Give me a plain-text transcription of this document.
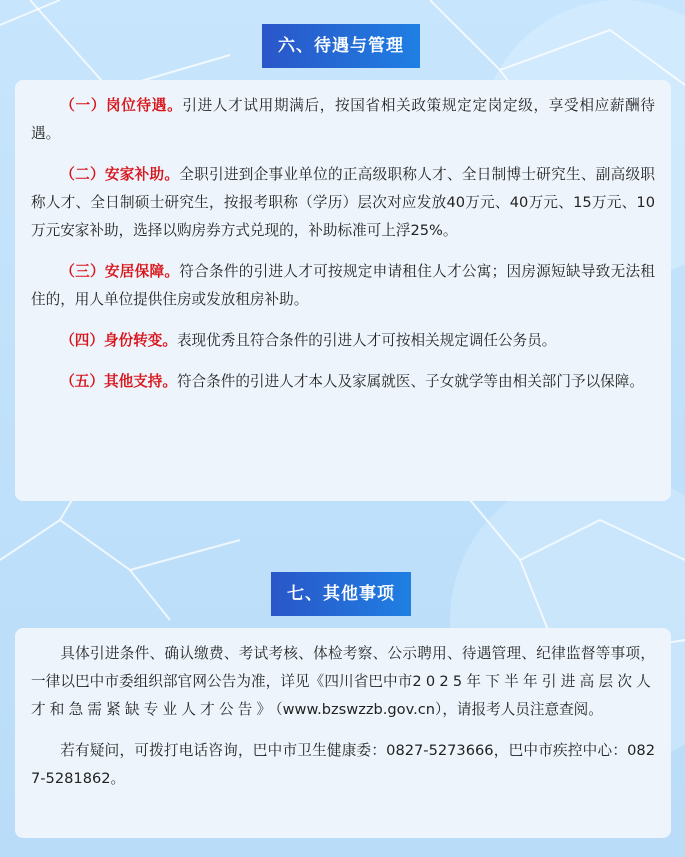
六、待遇与管理

（一）岗位待遇。引进人才试用期满后，按国省相关政策规定定岗定级，享受相应薪酬待遇。

（二）安家补助。全职引进到企事业单位的正高级职称人才、全日制博士研究生、副高级职称人才、全日制硕士研究生，按报考职称（学历）层次对应发放40万元、40万元、15万元、10万元安家补助，选择以购房券方式兑现的，补助标准可上浮25%。

（三）安居保障。符合条件的引进人才可按规定申请租住人才公寓；因房源短缺导致无法租住的，用人单位提供住房或发放租房补助。

（四）身份转变。表现优秀且符合条件的引进人才可按相关规定调任公务员。

（五）其他支持。符合条件的引进人才本人及家属就医、子女就学等由相关部门予以保障。

七、其他事项

具体引进条件、确认缴费、考试考核、体检考察、公示聘用、待遇管理、纪律监督等事项，一律以巴中市委组织部官网公告为准，详见《四川省巴中市2025年下半年引进高层次人才和急需紧缺专业人才公告》（www.bzswzzb.gov.cn），请报考人员注意查阅。

若有疑问，可拨打电话咨询，巴中市卫生健康委：0827-5273666，巴中市疾控中心：0827-5281862。
